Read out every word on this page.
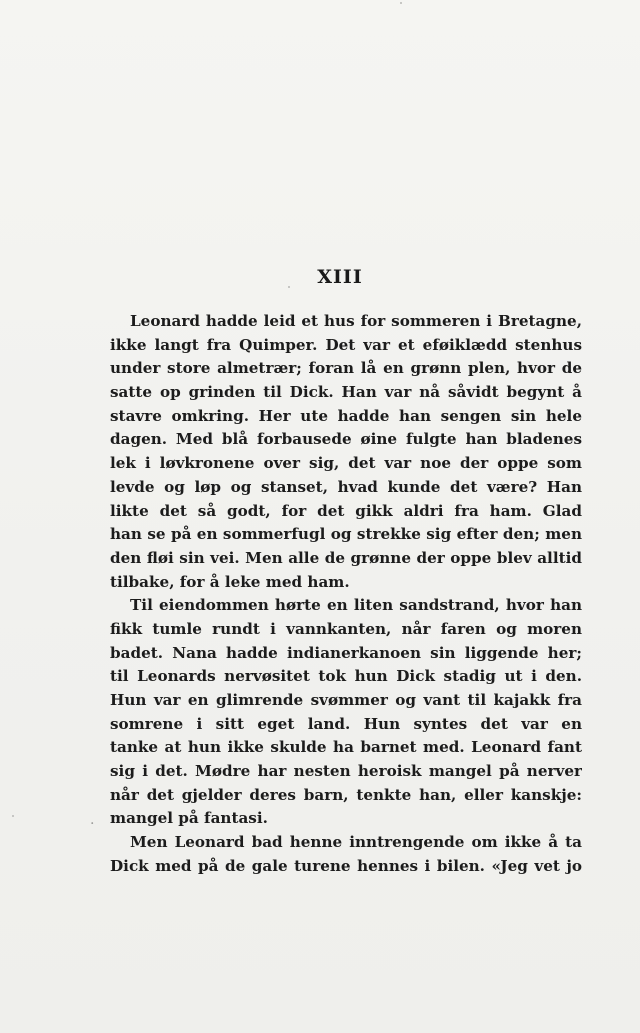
XIII
Leonard hadde leid et hus for sommeren i Bretagne,
ikke langt fra Quimper. Det var et eføiklædd stenhus
under store almetrær; foran lå en grønn plen, hvor de
satte op grinden til Dick. Han var nå såvidt begynt å
stavre omkring. Her ute hadde han sengen sin hele
dagen. Med blå forbausede øine fulgte han bladenes
lek i løvkronene over sig, det var noe der oppe som
levde og løp og stanset, hvad kunde det være? Han
likte det så godt, for det gikk aldri fra ham. Glad
han se på en sommerfugl og strekke sig efter den; men
den fløi sin vei. Men alle de grønne der oppe blev alltid
tilbake, for å leke med ham.
Til eiendommen hørte en liten sandstrand, hvor han
fikk tumle rundt i vannkanten, når faren og moren
badet. Nana hadde indianerkanoen sin liggende her;
til Leonards nervøsitet tok hun Dick stadig ut i den.
Hun var en glimrende svømmer og vant til kajakk fra
somrene i sitt eget land. Hun syntes det var en
tanke at hun ikke skulde ha barnet med. Leonard fant
sig i det. Mødre har nesten heroisk mangel på nerver
når det gjelder deres barn, tenkte han, eller kanskje:
mangel på fantasi.
Men Leonard bad henne inntrengende om ikke å ta
Dick med på de gale turene hennes i bilen. «Jeg vet jo
.
